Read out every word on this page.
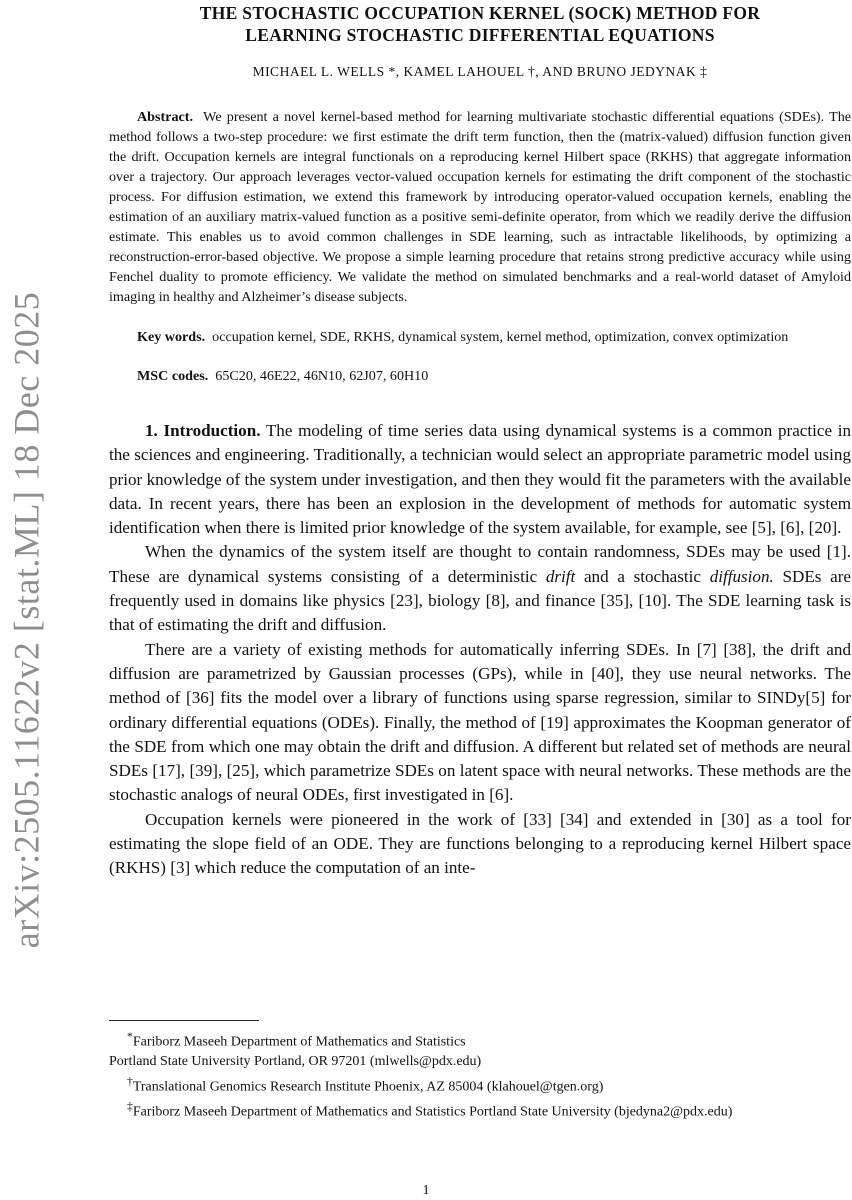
arXiv:2505.11622v2 [stat.ML] 18 Dec 2025
THE STOCHASTIC OCCUPATION KERNEL (SOCK) METHOD FOR
LEARNING STOCHASTIC DIFFERENTIAL EQUATIONS
MICHAEL L. WELLS *, KAMEL LAHOUEL †, AND BRUNO JEDYNAK ‡

Abstract. We present a novel kernel-based method for learning multivariate stochastic differential equations (SDEs). The method follows a two-step procedure: we first estimate the drift term function, then the (matrix-valued) diffusion function given the drift. Occupation kernels are integral functionals on a reproducing kernel Hilbert space (RKHS) that aggregate information over a trajectory. Our approach leverages vector-valued occupation kernels for estimating the drift component of the stochastic process. For diffusion estimation, we extend this framework by introducing operator-valued occupation kernels, enabling the estimation of an auxiliary matrix-valued function as a positive semi-definite operator, from which we readily derive the diffusion estimate. This enables us to avoid common challenges in SDE learning, such as intractable likelihoods, by optimizing a reconstruction-error-based objective. We propose a simple learning procedure that retains strong predictive accuracy while using Fenchel duality to promote efficiency. We validate the method on simulated benchmarks and a real-world dataset of Amyloid imaging in healthy and Alzheimer’s disease subjects.

Key words. occupation kernel, SDE, RKHS, dynamical system, kernel method, optimization, convex optimization

MSC codes. 65C20, 46E22, 46N10, 62J07, 60H10

1. Introduction. The modeling of time series data using dynamical systems is a common practice in the sciences and engineering. Traditionally, a technician would select an appropriate parametric model using prior knowledge of the system under investigation, and then they would fit the parameters with the available data. In recent years, there has been an explosion in the development of methods for automatic system identification when there is limited prior knowledge of the system available, for example, see [5], [6], [20].

When the dynamics of the system itself are thought to contain randomness, SDEs may be used [1]. These are dynamical systems consisting of a deterministic drift and a stochastic diffusion. SDEs are frequently used in domains like physics [23], biology [8], and finance [35], [10]. The SDE learning task is that of estimating the drift and diffusion.

There are a variety of existing methods for automatically inferring SDEs. In [7] [38], the drift and diffusion are parametrized by Gaussian processes (GPs), while in [40], they use neural networks. The method of [36] fits the model over a library of functions using sparse regression, similar to SINDy[5] for ordinary differential equations (ODEs). Finally, the method of [19] approximates the Koopman generator of the SDE from which one may obtain the drift and diffusion. A different but related set of methods are neural SDEs [17], [39], [25], which parametrize SDEs on latent space with neural networks. These methods are the stochastic analogs of neural ODEs, first investigated in [6].

Occupation kernels were pioneered in the work of [33] [34] and extended in [30] as a tool for estimating the slope field of an ODE. They are functions belonging to a reproducing kernel Hilbert space (RKHS) [3] which reduce the computation of an inte-

*Fariborz Maseeh Department of Mathematics and Statistics

Portland State University Portland, OR 97201 (mlwells@pdx.edu)

†Translational Genomics Research Institute Phoenix, AZ 85004 (klahouel@tgen.org)

‡Fariborz Maseeh Department of Mathematics and Statistics Portland State University (bjedyna2@pdx.edu)

1
